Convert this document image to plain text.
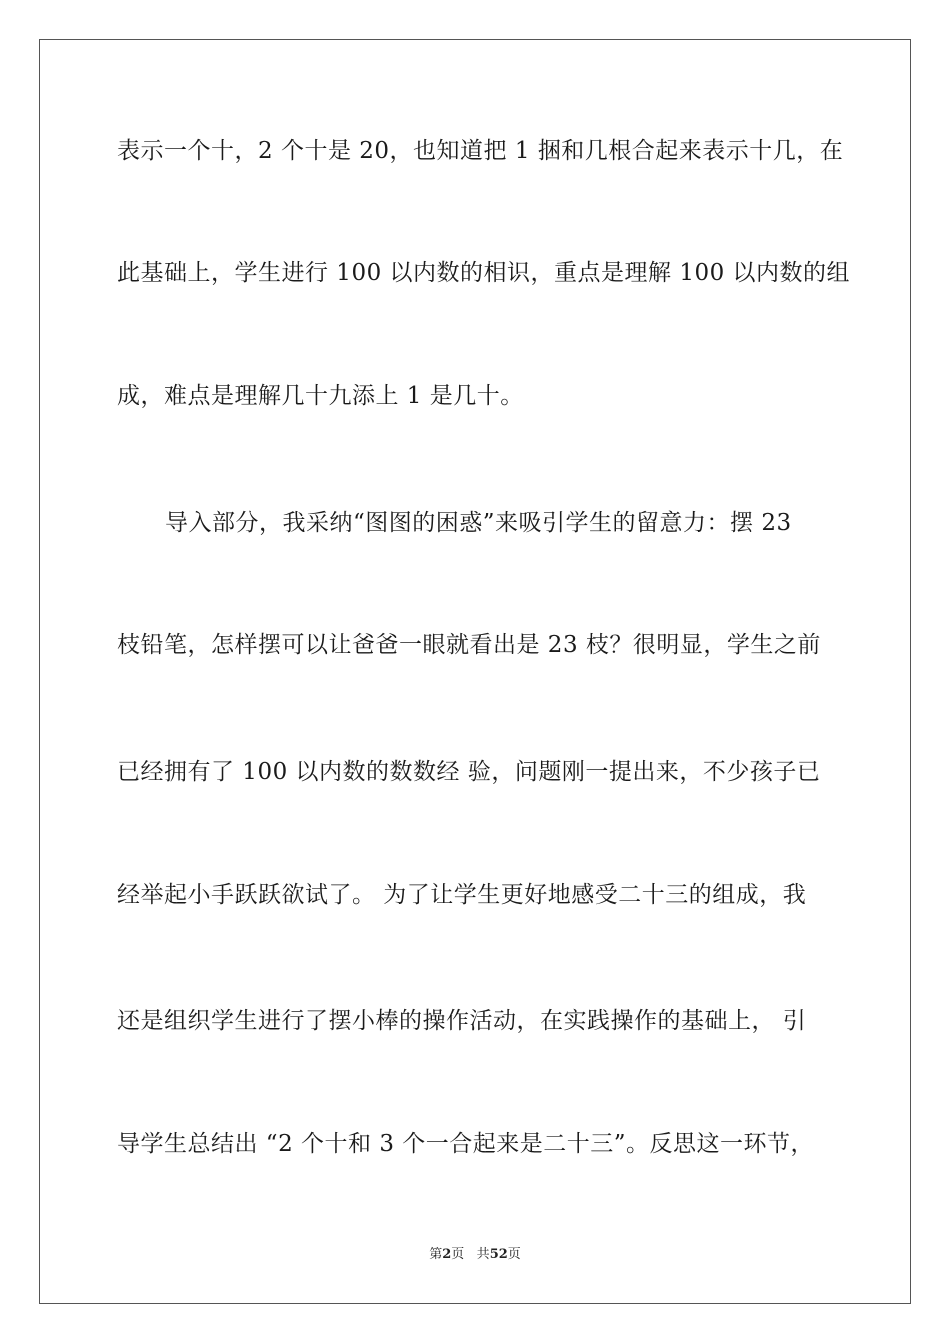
表示一个十，2 个十是 20，也知道把 1 捆和几根合起来表示十几，在
此基础上，学生进行 100 以内数的相识，重点是理解 100 以内数的组
成，难点是理解几十九添上 1 是几十。
导入部分，我采纳“图图的困惑”来吸引学生的留意力：摆 23
枝铅笔，怎样摆可以让爸爸一眼就看出是 23 枝？很明显，学生之前
已经拥有了 100 以内数的数数经 验，问题刚一提出来，不少孩子已
经举起小手跃跃欲试了。 为了让学生更好地感受二十三的组成，我
还是组织学生进行了摆小棒的操作活动，在实践操作的基础上， 引
导学生总结出 “2 个十和 3 个一合起来是二十三”。反思这一环节，
第2页 共52页
